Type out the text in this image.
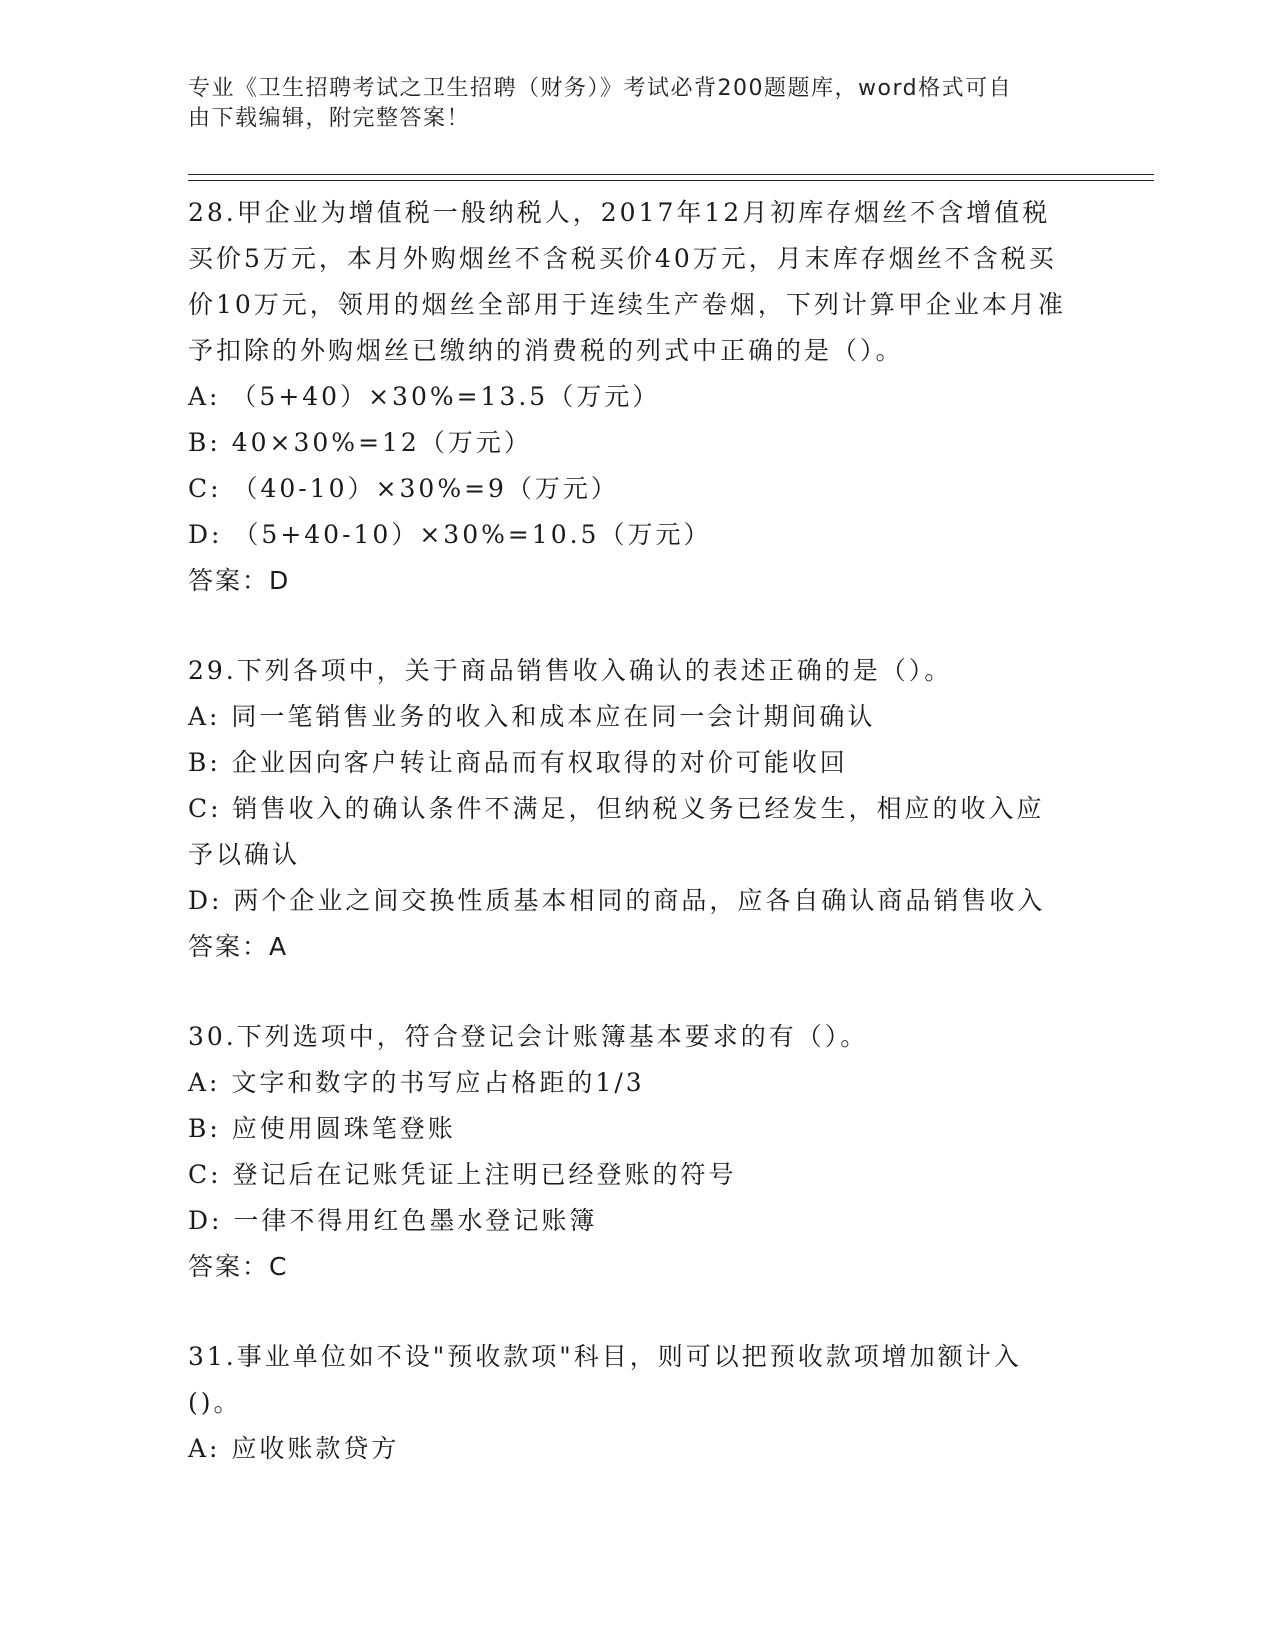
专业《卫生招聘考试之卫生招聘（财务）》考试必背200题题库，word格式可自
由下载编辑，附完整答案！

28.甲企业为增值税一般纳税人，2017年12月初库存烟丝不含增值税买价5万元，本月外购烟丝不含税买价40万元，月末库存烟丝不含税买价10万元，领用的烟丝全部用于连续生产卷烟，下列计算甲企业本月准予扣除的外购烟丝已缴纳的消费税的列式中正确的是（）。

A: （5+40）×30%=13.5（万元）

B: 40×30%=12（万元）

C: （40-10）×30%=9（万元）

D: （5+40-10）×30%=10.5（万元）

答案：D

29.下列各项中，关于商品销售收入确认的表述正确的是（）。

A: 同一笔销售业务的收入和成本应在同一会计期间确认

B: 企业因向客户转让商品而有权取得的对价可能收回

C: 销售收入的确认条件不满足，但纳税义务已经发生，相应的收入应予以确认

D: 两个企业之间交换性质基本相同的商品，应各自确认商品销售收入

答案：A

30.下列选项中，符合登记会计账簿基本要求的有（）。

A: 文字和数字的书写应占格距的1/3

B: 应使用圆珠笔登账

C: 登记后在记账凭证上注明已经登账的符号

D: 一律不得用红色墨水登记账簿

答案：C

31.事业单位如不设"预收款项"科目，则可以把预收款项增加额计入()。

A: 应收账款贷方
